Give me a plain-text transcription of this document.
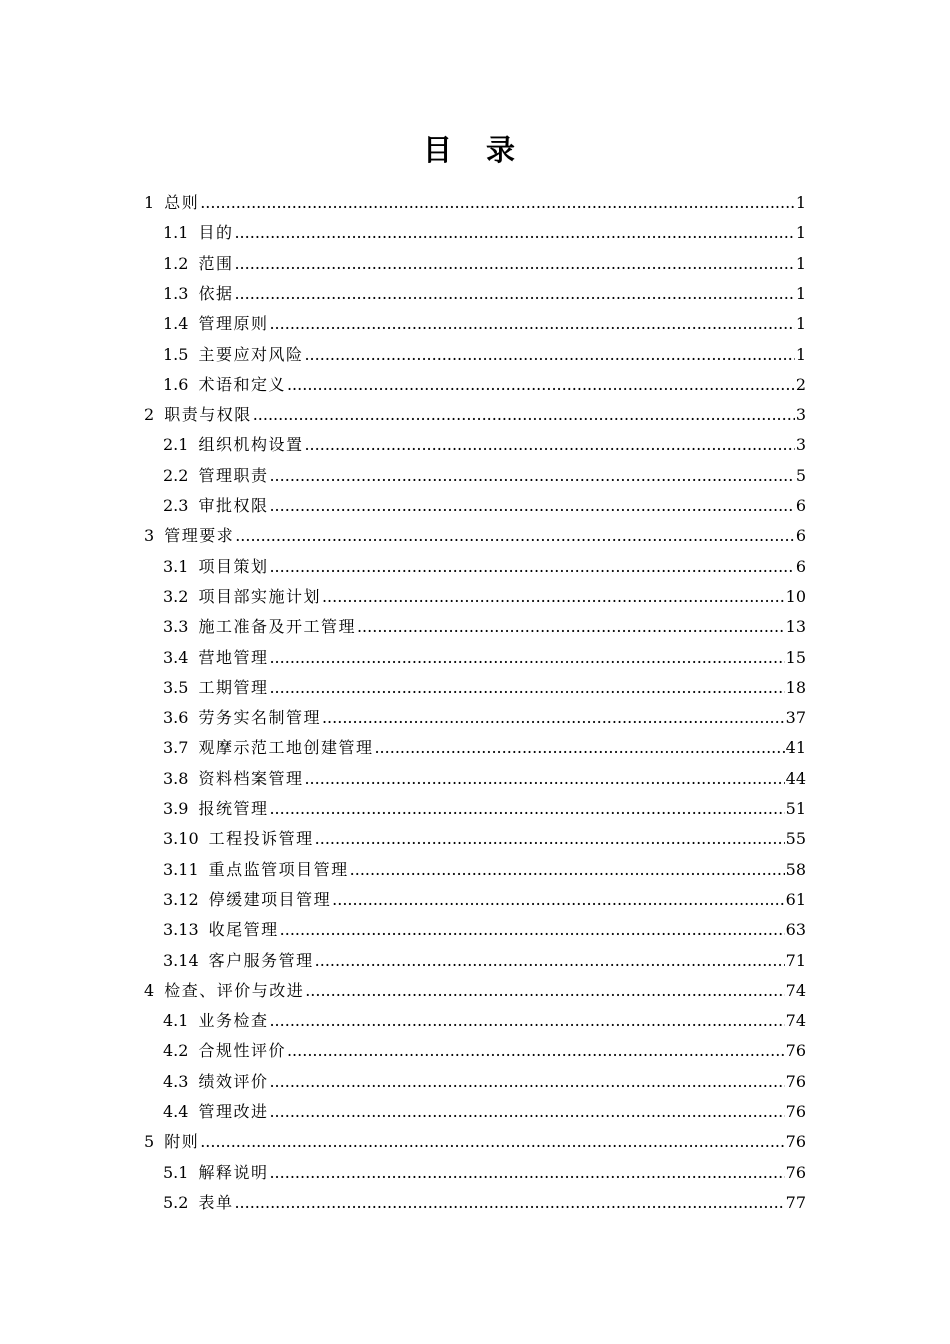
目 录
1 总则 .....	1
1.1 目的 .....	1
1.2 范围 .....	1
1.3 依据 .....	1
1.4 管理原则 .....	1
1.5 主要应对风险 .....	1
1.6 术语和定义 .....	2
2 职责与权限 .....	3
2.1 组织机构设置 .....	3
2.2 管理职责 .....	5
2.3 审批权限 .....	6
3 管理要求 .....	6
3.1 项目策划 .....	6
3.2 项目部实施计划 .....	10
3.3 施工准备及开工管理 .....	13
3.4 营地管理 .....	15
3.5 工期管理 .....	18
3.6 劳务实名制管理 .....	37
3.7 观摩示范工地创建管理 .....	41
3.8 资料档案管理 .....	44
3.9 报统管理 .....	51
3.10 工程投诉管理 .....	55
3.11 重点监管项目管理 .....	58
3.12 停缓建项目管理 .....	61
3.13 收尾管理 .....	63
3.14 客户服务管理 .....	71
4 检查、评价与改进 .....	74
4.1 业务检查 .....	74
4.2 合规性评价 .....	76
4.3 绩效评价 .....	76
4.4 管理改进 .....	76
5 附则 .....	76
5.1 解释说明 .....	76
5.2 表单 .....	77
